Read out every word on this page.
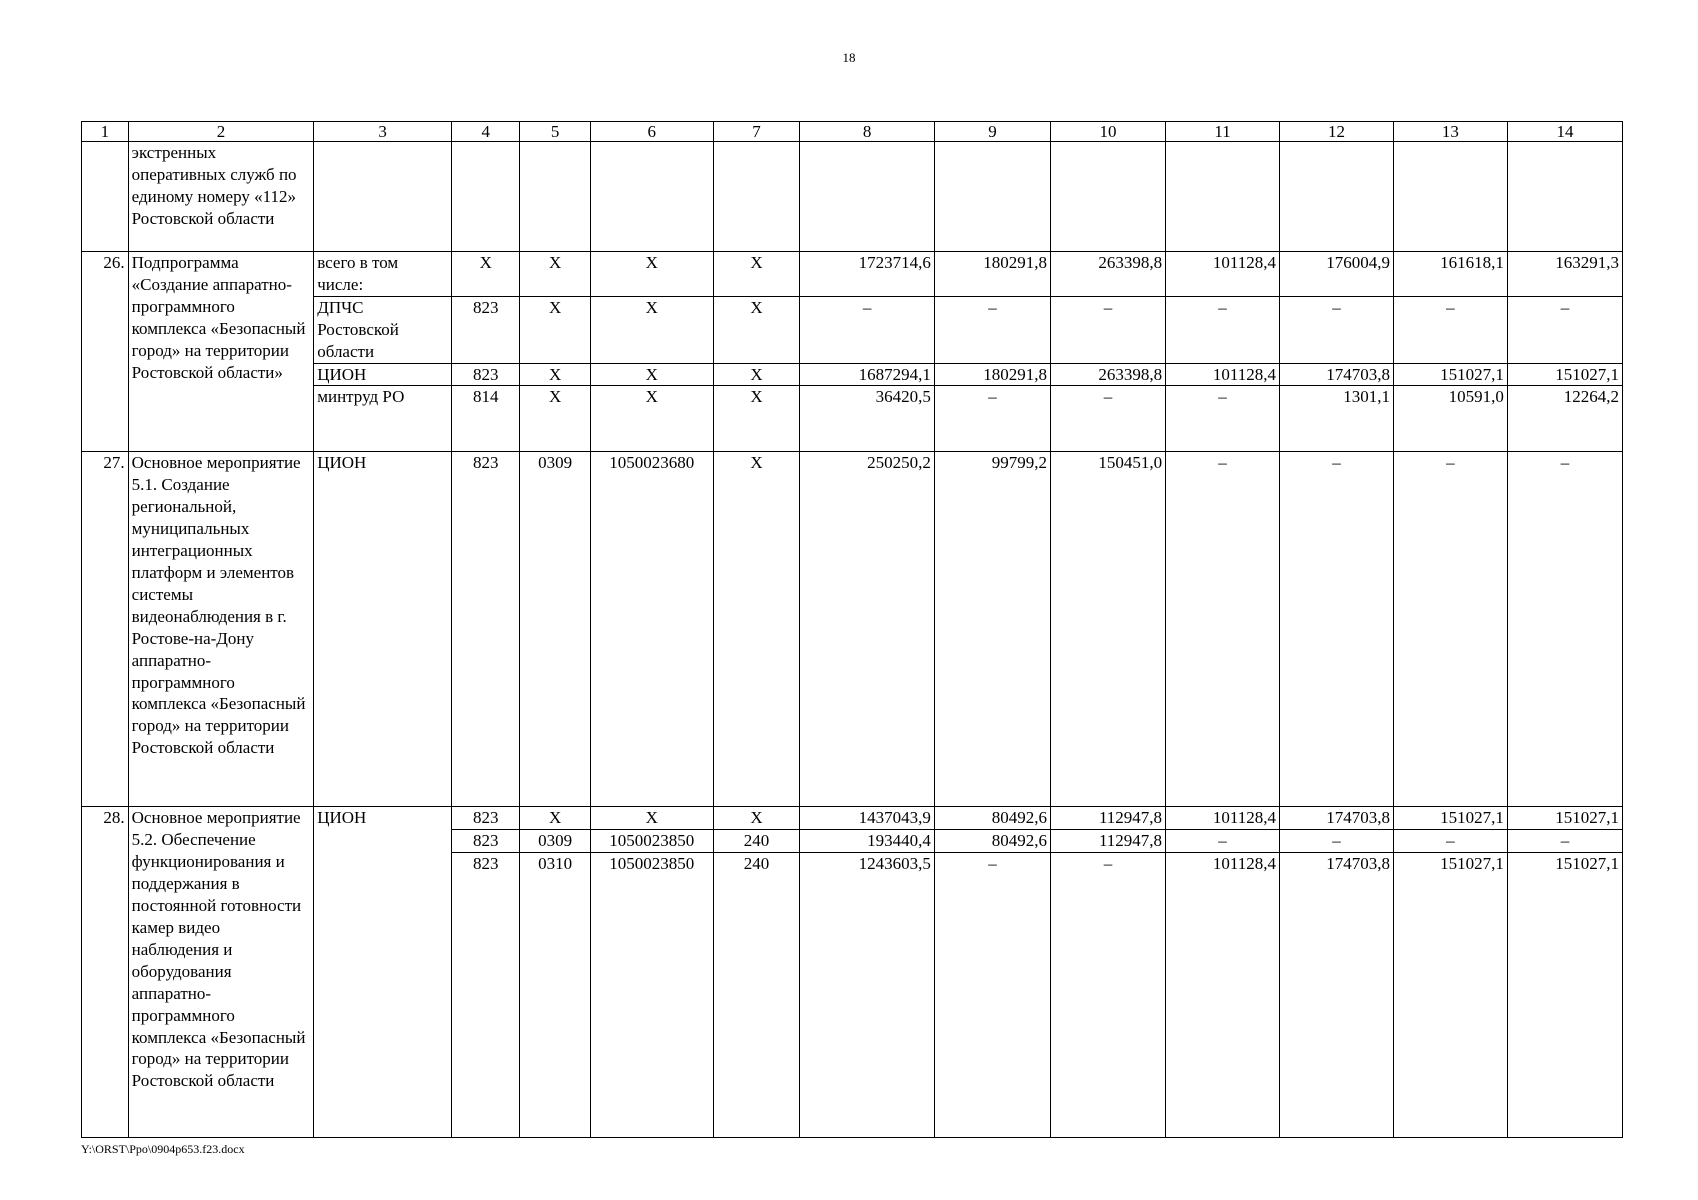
18
1	2	3	4	5	6	7	8	9	10	11	12	13	14
	экстренных оперативных служб по единому номеру «112» Ростовской области												
26.	Подпрограмма «Создание аппаратно-программного комплекса «Безопасный город» на территории Ростовской области»	всего в том числе:	Х	Х	Х	Х	1723714,6	180291,8	263398,8	101128,4	176004,9	161618,1	163291,3
		ДПЧС Ростовской области	823	Х	Х	Х	–	–	–	–	–	–	–
		ЦИОН	823	Х	Х	Х	1687294,1	180291,8	263398,8	101128,4	174703,8	151027,1	151027,1
		минтруд РО	814	Х	Х	Х	36420,5	–	–	–	1301,1	10591,0	12264,2
27.	Основное мероприятие 5.1. Создание региональной, муниципальных интеграционных платформ и элементов системы видеонаблюдения в г. Ростове-на-Дону аппаратно-программного комплекса «Безопасный город» на территории Ростовской области	ЦИОН	823	0309	1050023680	Х	250250,2	99799,2	150451,0	–	–	–	–
28.	Основное мероприятие 5.2. Обеспечение функционирования и поддержания в постоянной готовности камер видео наблюдения и оборудования аппаратно-программного комплекса «Безопасный город» на территории Ростовской области	ЦИОН	823	Х	Х	Х	1437043,9	80492,6	112947,8	101128,4	174703,8	151027,1	151027,1
			823	0309	1050023850	240	193440,4	80492,6	112947,8	–	–	–	–
			823	0310	1050023850	240	1243603,5	–	–	101128,4	174703,8	151027,1	151027,1
Y:\ORST\Ppo\0904p653.f23.docx
